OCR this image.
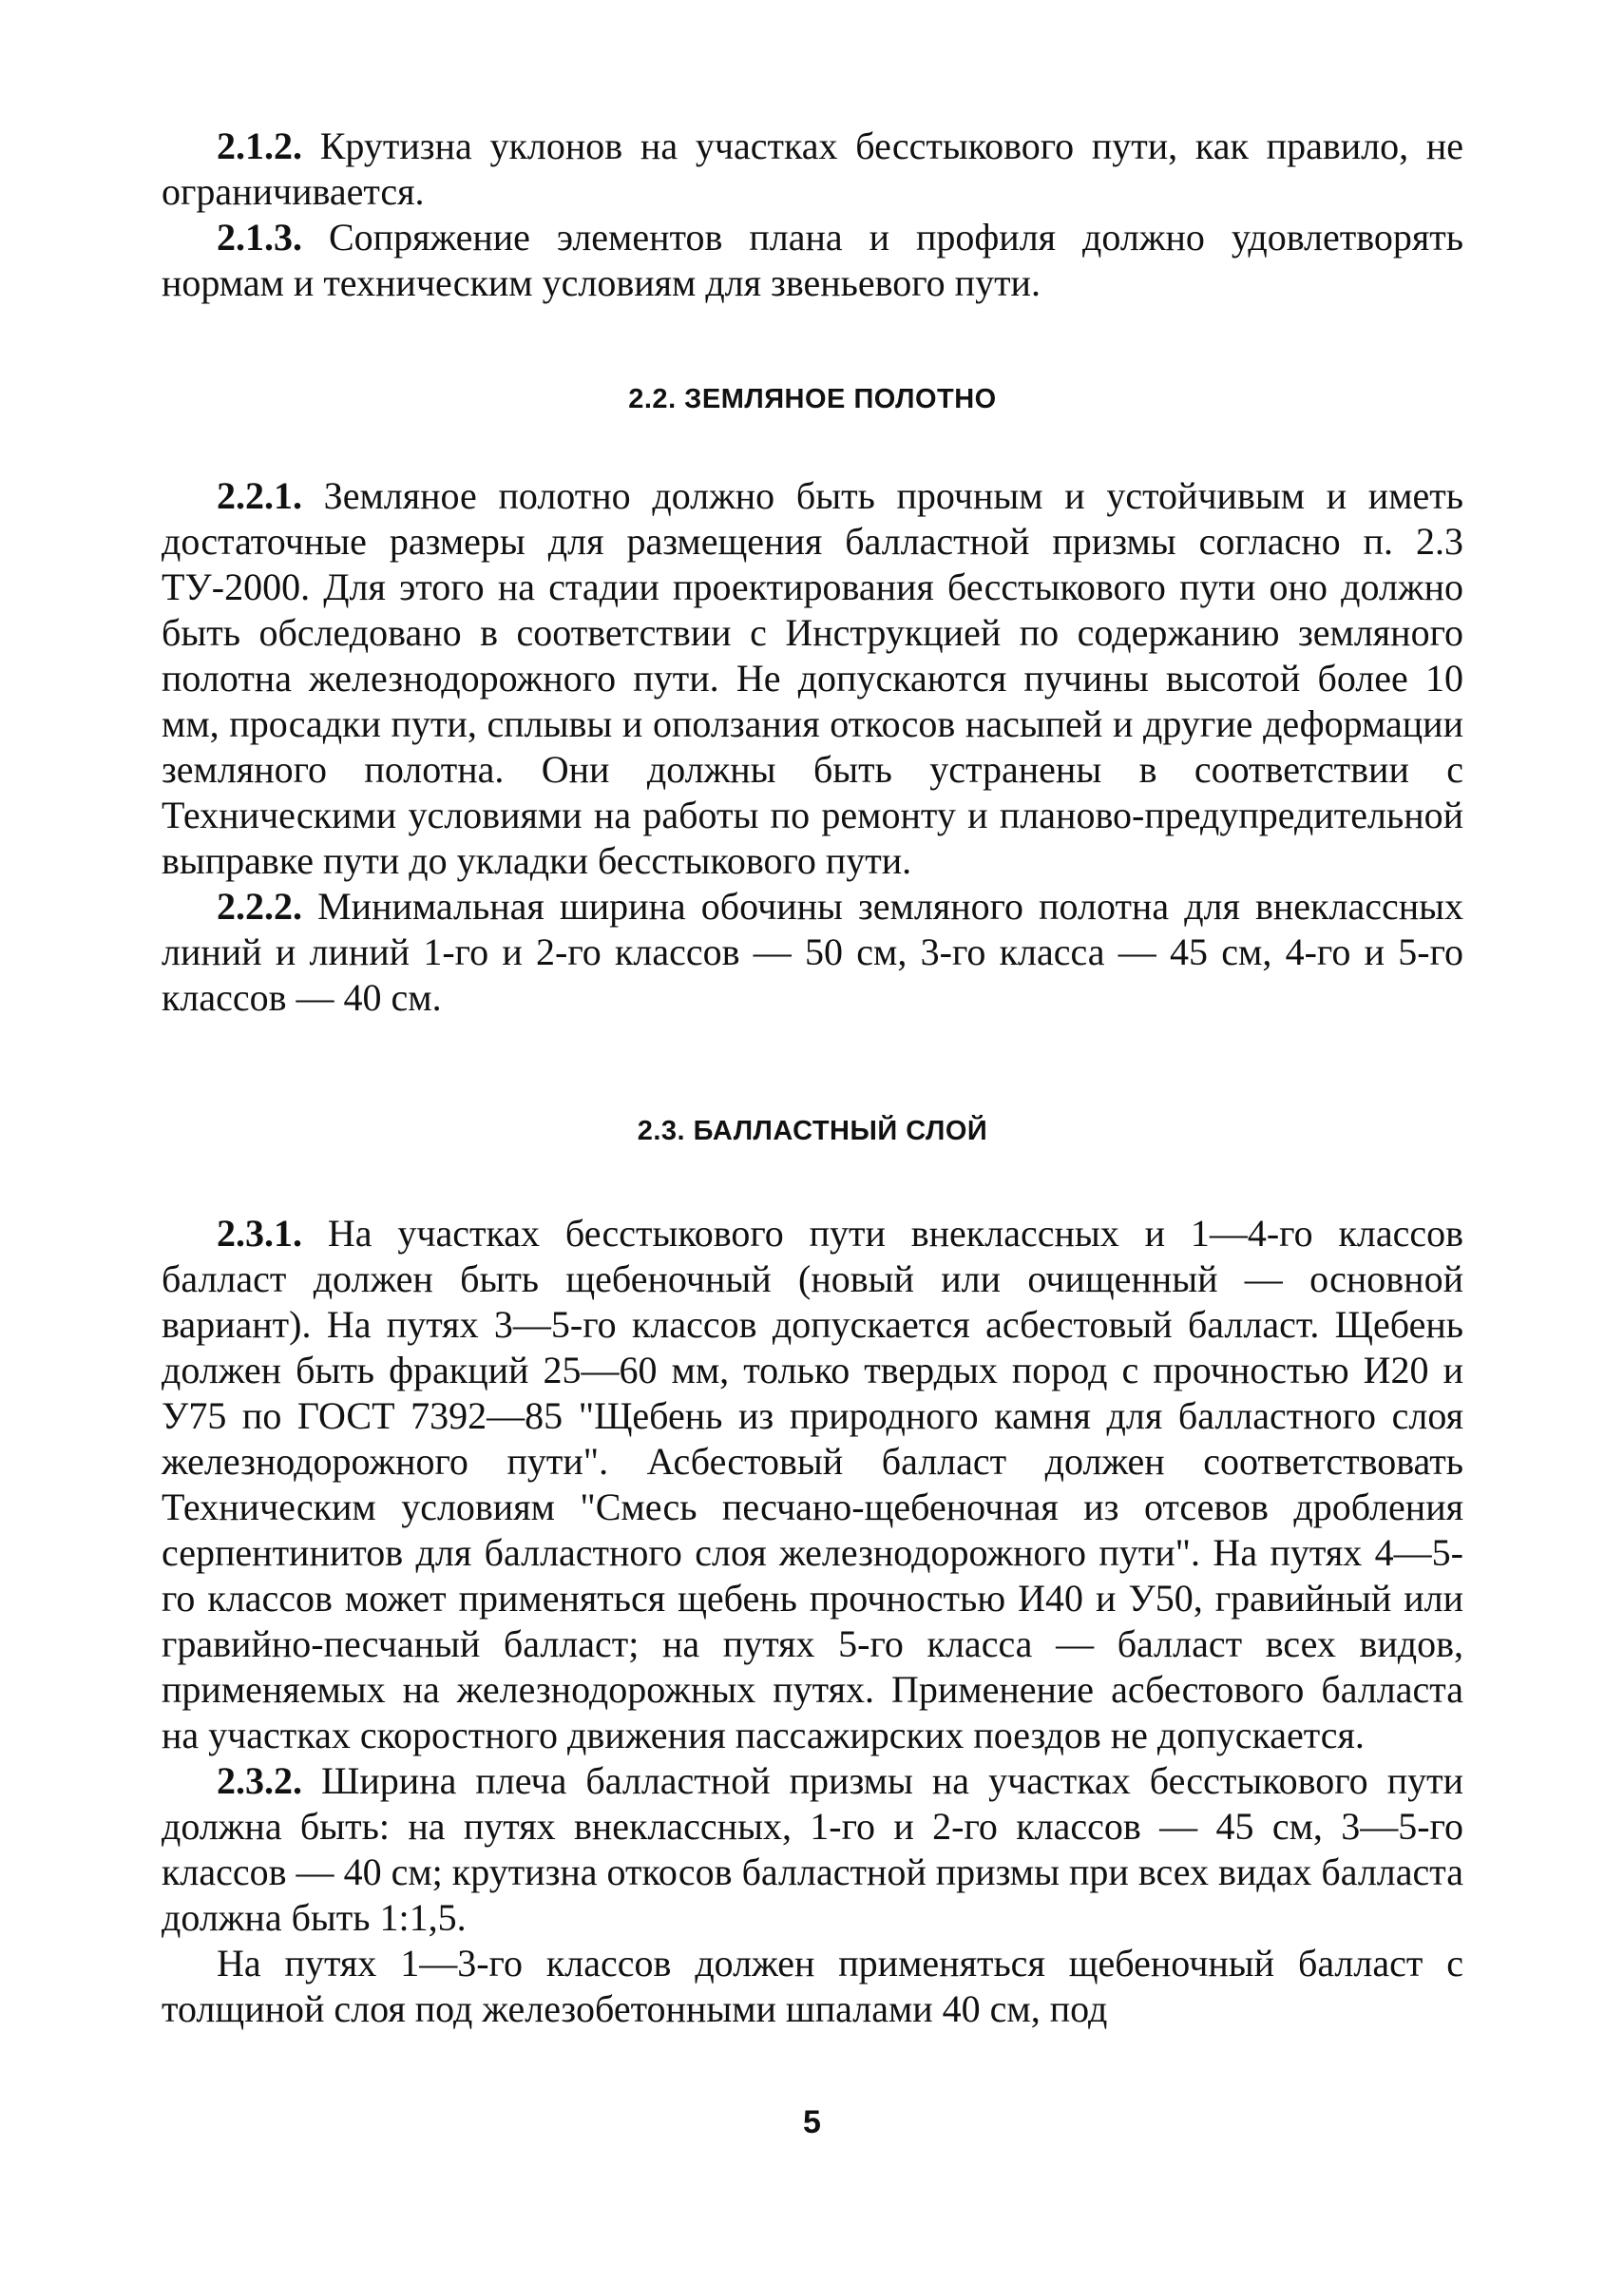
2.1.2. Крутизна уклонов на участках бесстыкового пути, как правило, не ограничивается.

2.1.3. Сопряжение элементов плана и профиля должно удовлетворять нормам и техническим условиям для звеньевого пути.

2.2. ЗЕМЛЯНОЕ ПОЛОТНО

2.2.1. Земляное полотно должно быть прочным и устойчивым и иметь достаточные размеры для размещения балластной призмы согласно п. 2.3 ТУ-2000. Для этого на стадии проектирования бесстыкового пути оно должно быть обследовано в соответствии с Инструкцией по содержанию земляного полотна железнодорожного пути. Не допускаются пучины высотой более 10 мм, просадки пути, сплывы и оползания откосов насыпей и другие деформации земляного полотна. Они должны быть устранены в соответствии с Техническими условиями на работы по ремонту и планово-предупредительной выправке пути до укладки бесстыкового пути.

2.2.2. Минимальная ширина обочины земляного полотна для внеклассных линий и линий 1-го и 2-го классов — 50 см, 3-го класса — 45 см, 4-го и 5-го классов — 40 см.

2.3. БАЛЛАСТНЫЙ СЛОЙ

2.3.1. На участках бесстыкового пути внеклассных и 1—4-го классов балласт должен быть щебеночный (новый или очищенный — основной вариант). На путях 3—5-го классов допускается асбестовый балласт. Щебень должен быть фракций 25—60 мм, только твердых пород с прочностью И20 и У75 по ГОСТ 7392—85 "Щебень из природного камня для балластного слоя железнодорожного пути". Асбестовый балласт должен соответствовать Техническим условиям "Смесь песчано-щебеночная из отсевов дробления серпентинитов для балластного слоя железнодорожного пути". На путях 4—5-го классов может применяться щебень прочностью И40 и У50, гравийный или гравийно-песчаный балласт; на путях 5-го класса — балласт всех видов, применяемых на железнодорожных путях. Применение асбестового балласта на участках скоростного движения пассажирских поездов не допускается.

2.3.2. Ширина плеча балластной призмы на участках бесстыкового пути должна быть: на путях внеклассных, 1-го и 2-го классов — 45 см, 3—5-го классов — 40 см; крутизна откосов балластной призмы при всех видах балласта должна быть 1:1,5.

На путях 1—3-го классов должен применяться щебеночный балласт с толщиной слоя под железобетонными шпалами 40 см, под

5
